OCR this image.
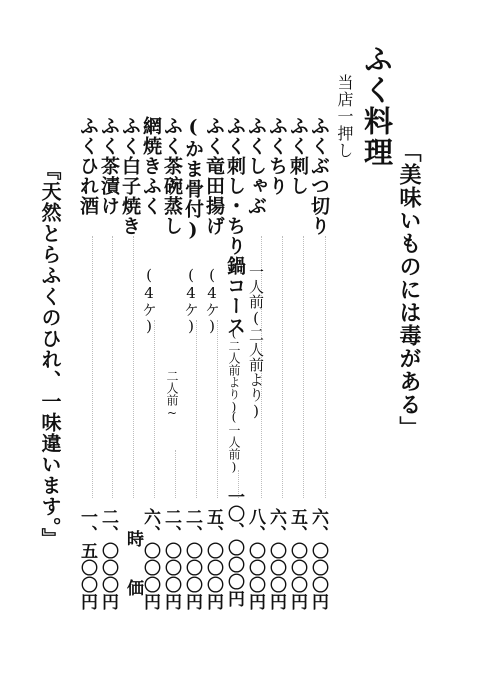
ふく料理
「美味いものには毒がある」
当店一押し
『天然とらふくのひれ、一味違います。』	ふくぶつ切り
ふく刺し
ふくちり
ふくしゃぶ
ふく刺し・ちり鍋コース
ふく竜田揚げ
(かま骨付)
ふく茶碗蒸し
網焼きふく
ふく白子焼き
ふく茶漬け
ふくひれ酒
一人前(二人前より)
(二人前より)
(一人前)
(4ケ)
(4ケ)
二人前~
(4ケ)
六、〇〇〇円
五、〇〇〇円
六、〇〇〇円
八、〇〇〇円
一〇、〇〇〇円
五、〇〇〇円
二、〇〇〇円
二、〇〇〇円
六、〇〇〇円
時価
二、〇〇〇円
一、五〇〇円
